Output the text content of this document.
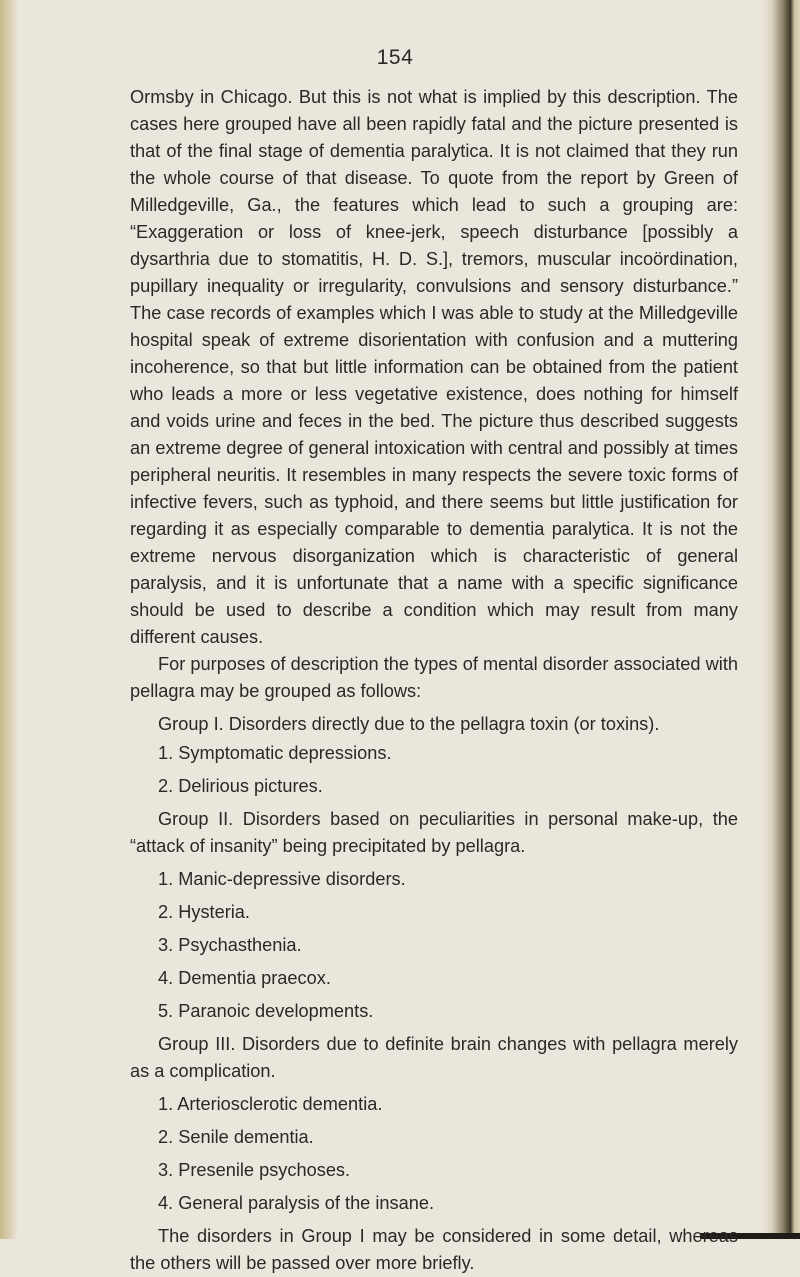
154

Ormsby in Chicago. But this is not what is implied by this description. The cases here grouped have all been rapidly fatal and the picture presented is that of the final stage of dementia paralytica. It is not claimed that they run the whole course of that disease. To quote from the report by Green of Milledgeville, Ga., the features which lead to such a grouping are: “Exaggeration or loss of knee-jerk, speech disturbance [possibly a dysarthria due to stomatitis, H. D. S.], tremors, muscular incoördination, pupillary inequality or irregularity, convulsions and sensory disturbance.” The case records of examples which I was able to study at the Milledgeville hospital speak of extreme disorientation with confusion and a muttering incoherence, so that but little information can be obtained from the patient who leads a more or less vegetative existence, does nothing for himself and voids urine and feces in the bed. The picture thus described suggests an extreme degree of general intoxication with central and possibly at times peripheral neuritis. It resembles in many respects the severe toxic forms of infective fevers, such as typhoid, and there seems but little justification for regarding it as especially comparable to dementia paralytica. It is not the extreme nervous disorganization which is characteristic of general paralysis, and it is unfortunate that a name with a specific significance should be used to describe a condition which may result from many different causes.

For purposes of description the types of mental disorder associated with pellagra may be grouped as follows:

Group I. Disorders directly due to the pellagra toxin (or toxins).

1. Symptomatic depressions.

2. Delirious pictures.

Group II. Disorders based on peculiarities in personal make-up, the “attack of insanity” being precipitated by pellagra.

1. Manic-depressive disorders.

2. Hysteria.

3. Psychasthenia.

4. Dementia praecox.

5. Paranoic developments.

Group III. Disorders due to definite brain changes with pellagra merely as a complication.

1. Arteriosclerotic dementia.

2. Senile dementia.

3. Presenile psychoses.

4. General paralysis of the insane.

The disorders in Group I may be considered in some detail, whereas the others will be passed over more briefly.
